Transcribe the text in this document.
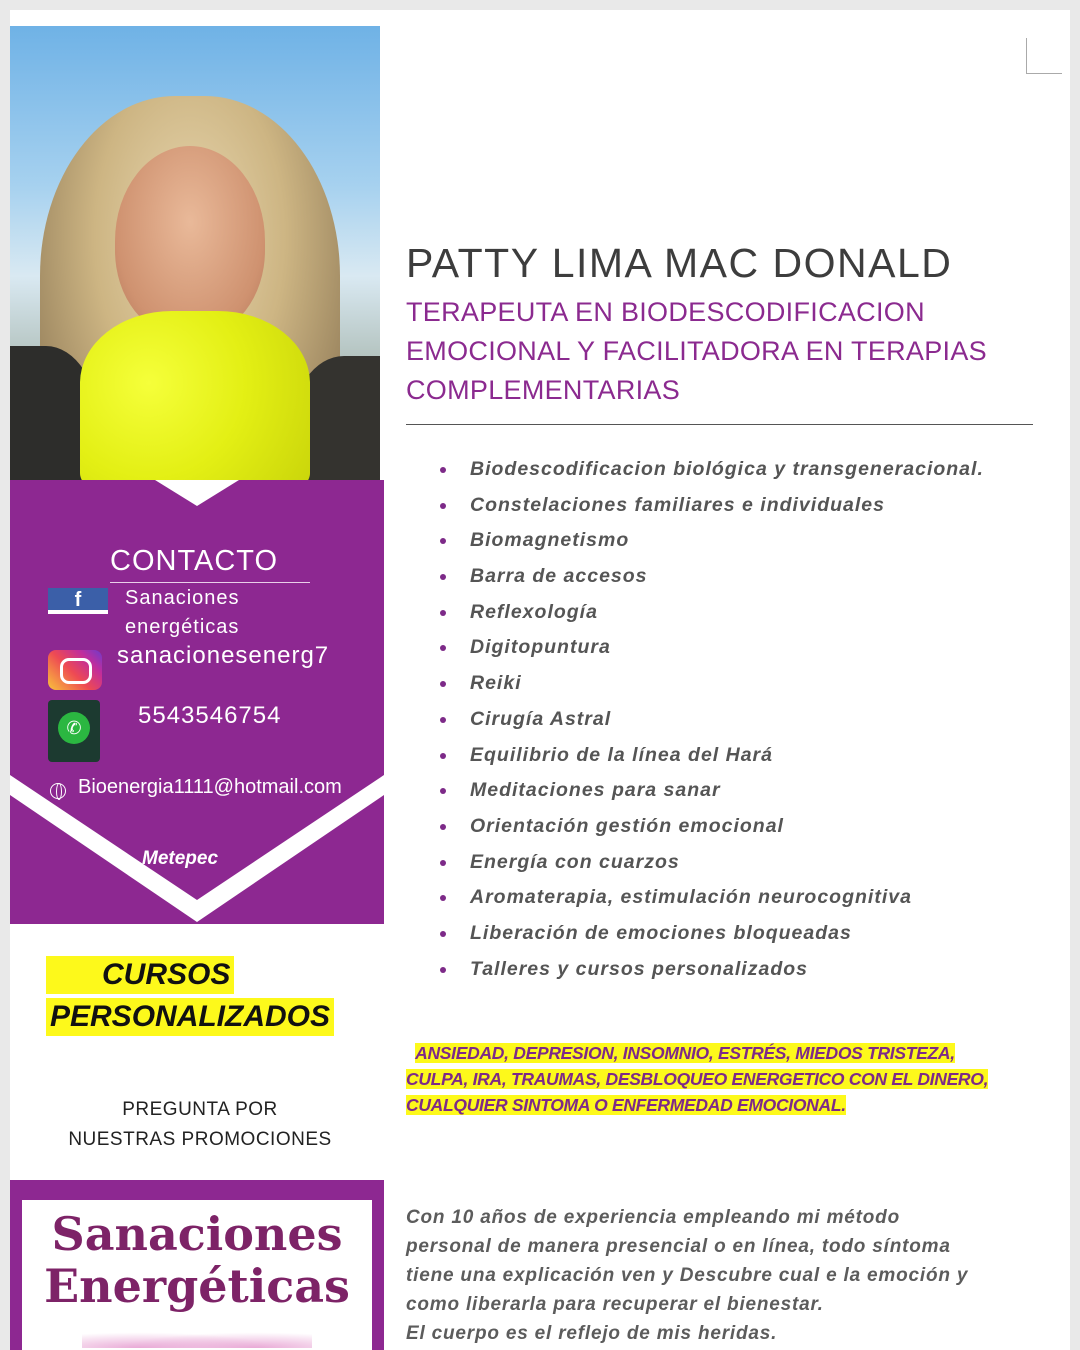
CONTACTO
f	Sanaciones energéticas
sanacionesenerg7
✆
5543546754
Bioenergia1111@hotmail.com
Metepec
CURSOS
PERSONALIZADOS
PREGUNTA POR
NUESTRAS PROMOCIONES
Sanaciones
Energéticas
PATTY LIMA MAC DONALD
TERAPEUTA EN BIODESCODIFICACION EMOCIONAL Y FACILITADORA EN TERAPIAS COMPLEMENTARIAS
Biodescodificacion biológica y transgeneracional.
Constelaciones familiares e individuales
Biomagnetismo
Barra de accesos
Reflexología
Digitopuntura
Reiki
Cirugía Astral
Equilibrio de la línea del Hará
Meditaciones para sanar
Orientación gestión emocional
Energía con cuarzos
Aromaterapia, estimulación neurocognitiva
Liberación de emociones bloqueadas
Talleres y cursos personalizados
ANSIEDAD, DEPRESION, INSOMNIO, ESTRÉS, MIEDOS TRISTEZA,
CULPA, IRA, TRAUMAS, DESBLOQUEO ENERGETICO CON EL DINERO,
CUALQUIER SINTOMA O ENFERMEDAD EMOCIONAL.
Con 10 años de experiencia empleando mi método
personal de manera presencial o en línea, todo síntoma
tiene una explicación ven y Descubre cual e la emoción y
como liberarla para recuperar el bienestar.
El cuerpo es el reflejo de mis heridas.
